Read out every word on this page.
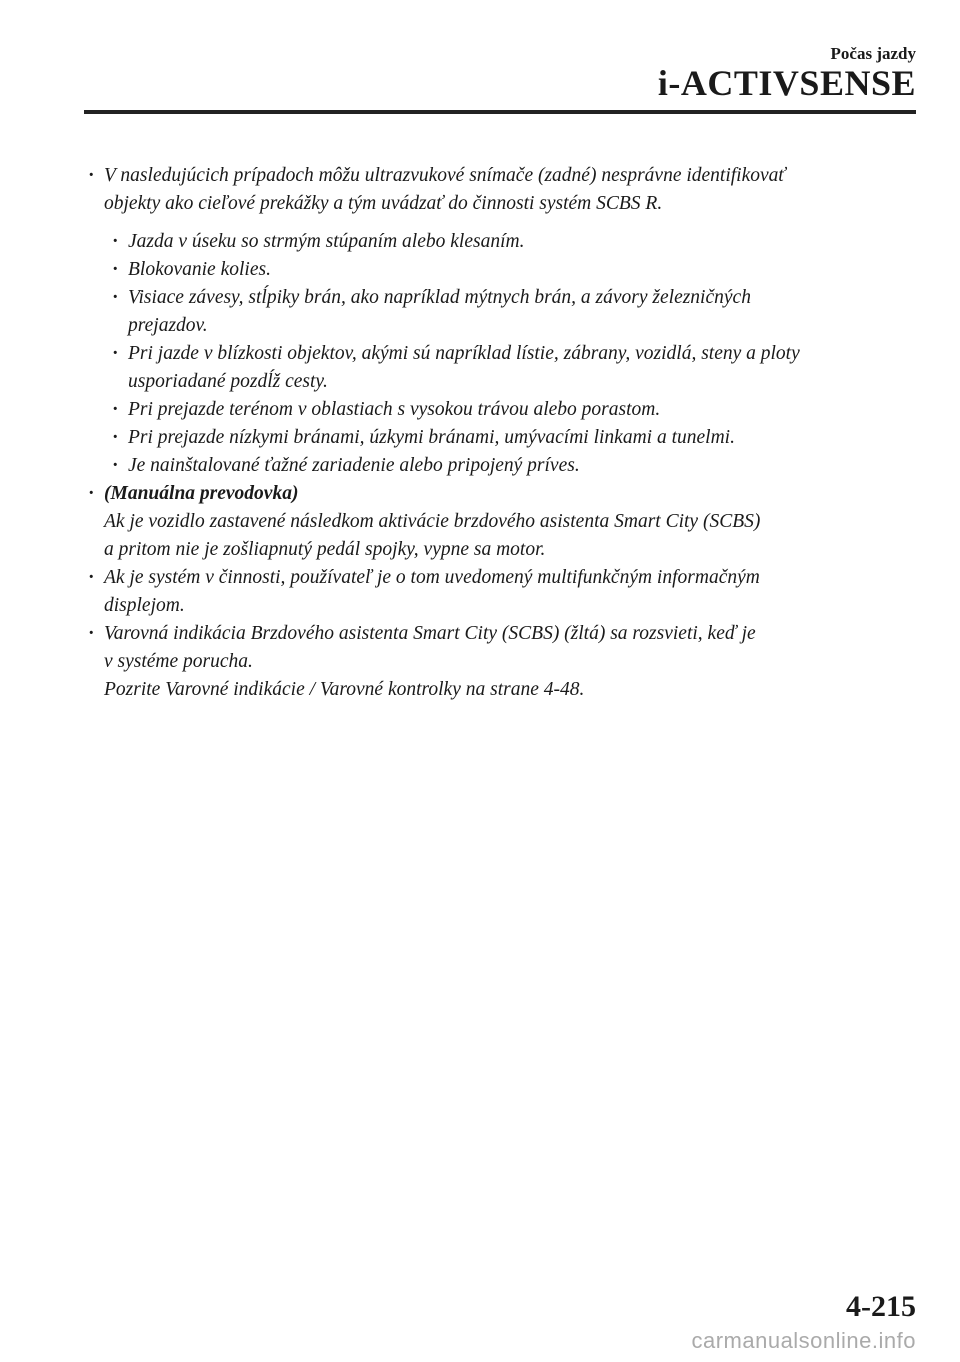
Počas jazdy
i-ACTIVSENSE
· V nasledujúcich prípadoch môžu ultrazvukové snímače (zadné) nesprávne identifikovať
objekty ako cieľové prekážky a tým uvádzať do činnosti systém SCBS R.
· Jazda v úseku so strmým stúpaním alebo klesaním.
· Blokovanie kolies.
· Visiace závesy, stĺpiky brán, ako napríklad mýtnych brán, a závory železničných
prejazdov.
· Pri jazde v blízkosti objektov, akými sú napríklad lístie, zábrany, vozidlá, steny a ploty
usporiadané pozdĺž cesty.
· Pri prejazde terénom v oblastiach s vysokou trávou alebo porastom.
· Pri prejazde nízkymi bránami, úzkymi bránami, umývacími linkami a tunelmi.
· Je nainštalované ťažné zariadenie alebo pripojený príves.
· (Manuálna prevodovka)
Ak je vozidlo zastavené následkom aktivácie brzdového asistenta Smart City (SCBS)
a pritom nie je zošliapnutý pedál spojky, vypne sa motor.
· Ak je systém v činnosti, používateľ je o tom uvedomený multifunkčným informačným
displejom.
· Varovná indikácia Brzdového asistenta Smart City (SCBS) (žltá) sa rozsvieti, keď je
v systéme porucha.
Pozrite Varovné indikácie / Varovné kontrolky na strane 4-48.
4-215
carmanualsonline.info
